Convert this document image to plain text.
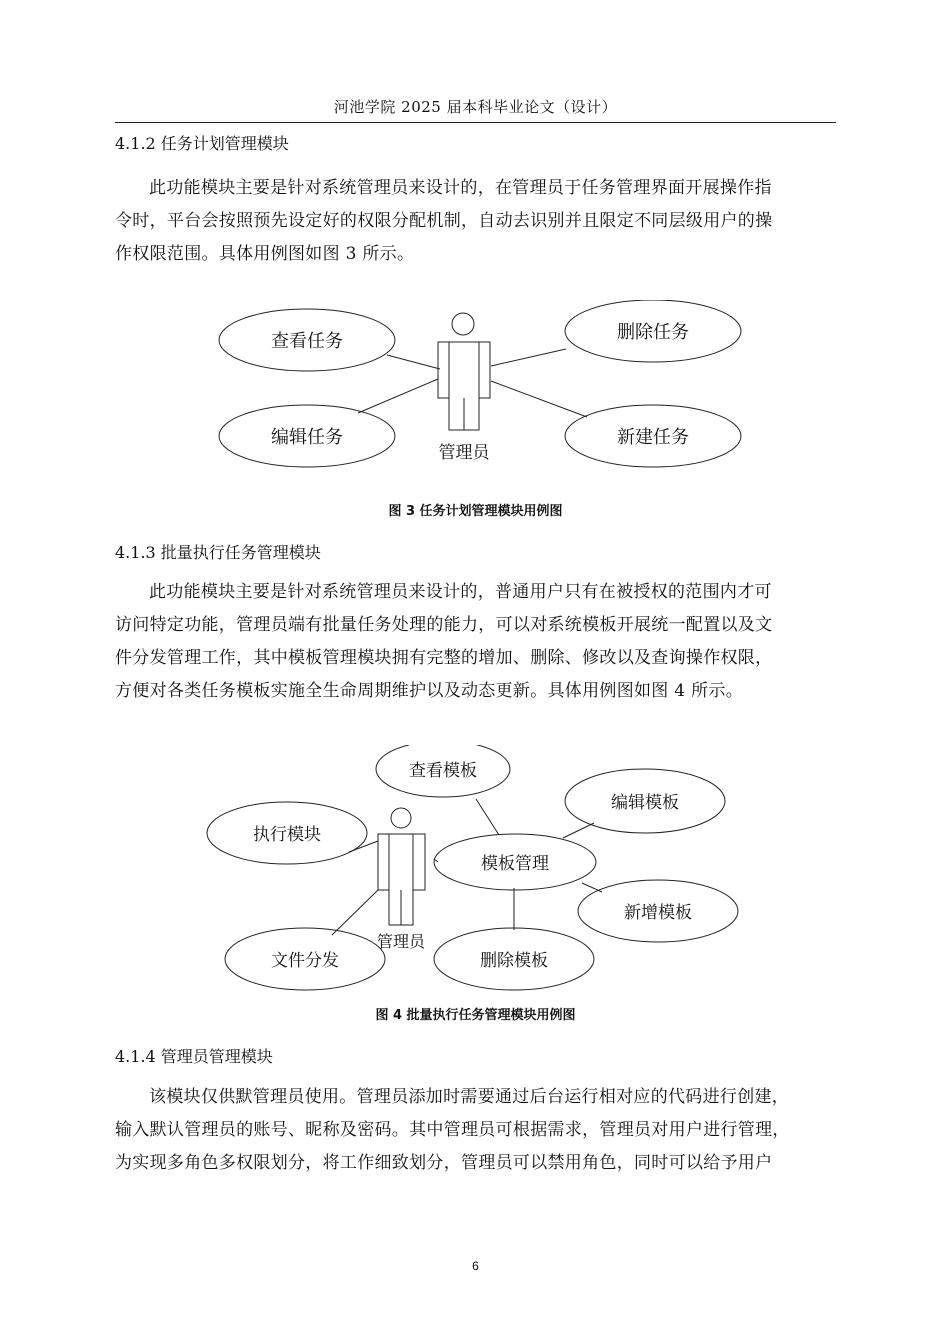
河池学院 2025 届本科毕业论文（设计）
4.1.2 任务计划管理模块
此功能模块主要是针对系统管理员来设计的，在管理员于任务管理界面开展操作指
令时，平台会按照预先设定好的权限分配机制，自动去识别并且限定不同层级用户的操
作权限范围。具体用例图如图 3 所示。
查看任务	删除任务
编辑任务	新建任务
管理员
图 3 任务计划管理模块用例图
4.1.3 批量执行任务管理模块
此功能模块主要是针对系统管理员来设计的，普通用户只有在被授权的范围内才可
访问特定功能，管理员端有批量任务处理的能力，可以对系统模板开展统一配置以及文
件分发管理工作，其中模板管理模块拥有完整的增加、删除、修改以及查询操作权限，
方便对各类任务模板实施全生命周期维护以及动态更新。具体用例图如图 4 所示。
查看模板
编辑模板
执行模块
模板管理
新增模板
文件分发	删除模板
管理员
图 4 批量执行任务管理模块用例图
4.1.4 管理员管理模块
该模块仅供默管理员使用。管理员添加时需要通过后台运行相对应的代码进行创建，
输入默认管理员的账号、昵称及密码。其中管理员可根据需求，管理员对用户进行管理，
为实现多角色多权限划分，将工作细致划分，管理员可以禁用角色，同时可以给予用户
6
